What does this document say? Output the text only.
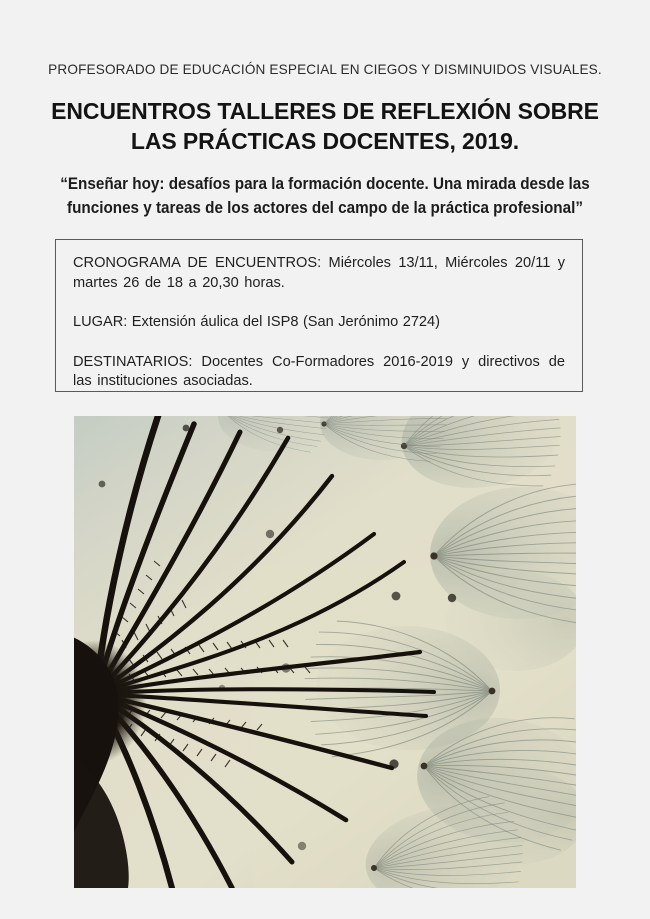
PROFESORADO DE EDUCACIÓN ESPECIAL EN CIEGOS Y DISMINUIDOS VISUALES.
ENCUENTROS TALLERES DE REFLEXIÓN SOBRE
LAS PRÁCTICAS DOCENTES, 2019.
“Enseñar hoy: desafíos para la formación docente. Una mirada desde las
funciones y tareas de los actores del campo de la práctica profesional”

CRONOGRAMA DE ENCUENTROS: Miércoles 13/11, Miércoles 20/11 y martes 26 de 18 a 20,30 horas.

LUGAR: Extensión áulica del ISP8 (San Jerónimo 2724)

DESTINATARIOS: Docentes Co-Formadores 2016-2019 y directivos de las instituciones asociadas.
